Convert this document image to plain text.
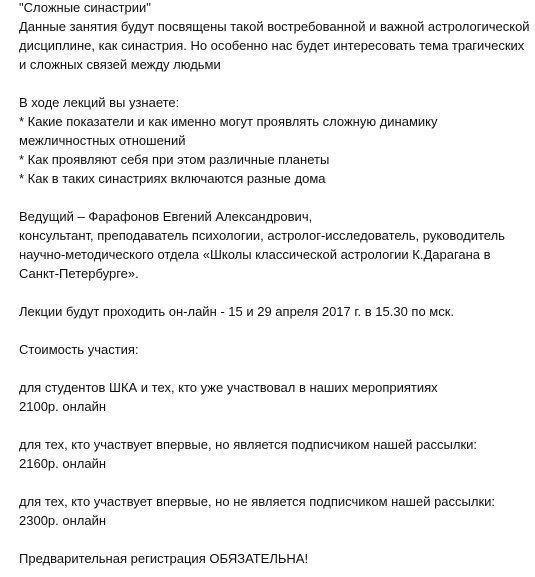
"Сложные синастрии"

Данные занятия будут посвящены такой востребованной и важной астрологической дисциплине, как синастрия. Но особенно нас будет интересовать тема трагических и сложных связей между людьми

В ходе лекций вы узнаете:

* Какие показатели и как именно могут проявлять сложную динамику межличностных отношений

* Как проявляют себя при этом различные планеты

* Как в таких синастриях включаются разные дома

Ведущий – Фарафонов Евгений Александрович,

консультант, преподаватель психологии, астролог-исследователь, руководитель научно-методического отдела «Школы классической астрологии К.Дарагана в Санкт-Петербурге».

Лекции будут проходить он-лайн - 15 и 29 апреля 2017 г. в 15.30 по мск.

Стоимость участия:

для студентов ШКА и тех, кто уже участвовал в наших мероприятиях

2100р. онлайн

для тех, кто участвует впервые, но является подписчиком нашей рассылки:

2160р. онлайн

для тех, кто участвует впервые, но не является подписчиком нашей рассылки:

2300р. онлайн

Предварительная регистрация ОБЯЗАТЕЛЬНА!
